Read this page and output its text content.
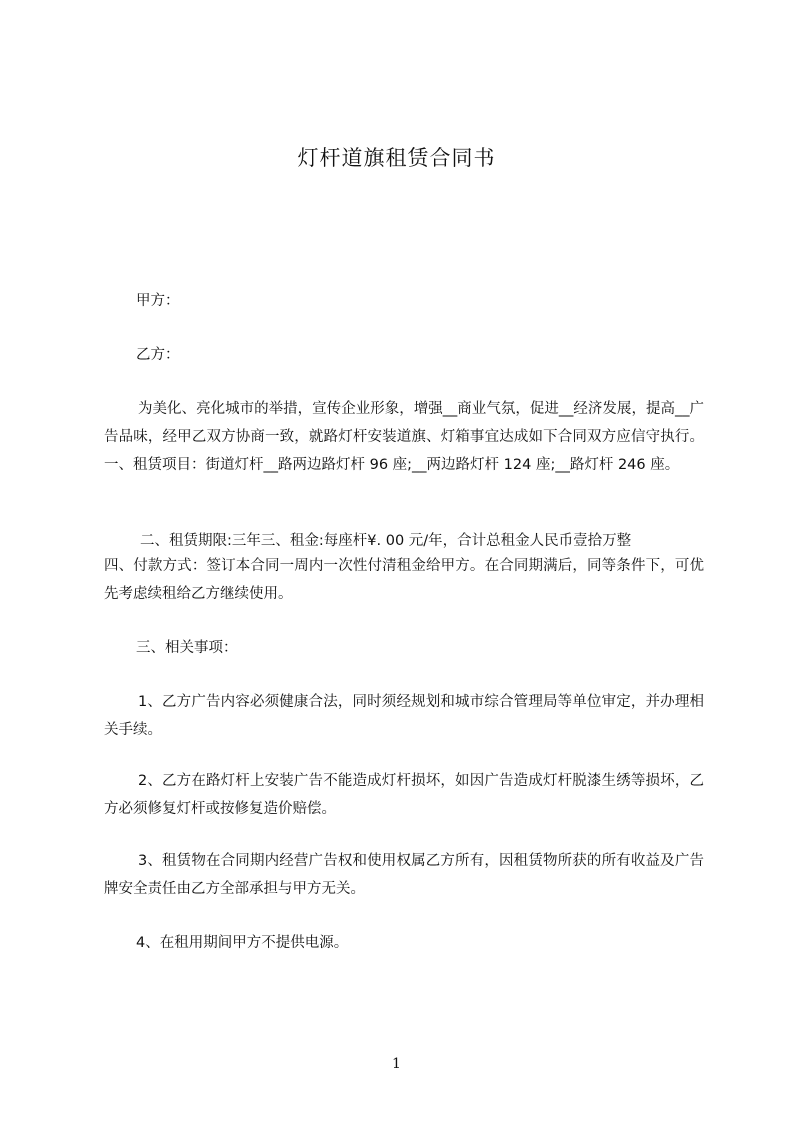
灯杆道旗租赁合同书
甲方：
乙方：
为美化、亮化城市的举措，宣传企业形象，增强__商业气氛，促进__经济发展，提高__广告品味，经甲乙双方协商一致，就路灯杆安装道旗、灯箱事宜达成如下合同双方应信守执行。一、租赁项目：街道灯杆__路两边路灯杆 96 座;__两边路灯杆 124 座;__路灯杆 246 座。
二、租赁期限:三年三、租金:每座杆¥. 00 元/年，合计总租金人民币壹拾万整
四、付款方式：签订本合同一周内一次性付清租金给甲方。在合同期满后，同等条件下，可优先考虑续租给乙方继续使用。
三、相关事项：
1、乙方广告内容必须健康合法，同时须经规划和城市综合管理局等单位审定，并办理相关手续。
2、乙方在路灯杆上安装广告不能造成灯杆损坏，如因广告造成灯杆脱漆生绣等损坏，乙方必须修复灯杆或按修复造价赔偿。
3、租赁物在合同期内经营广告权和使用权属乙方所有，因租赁物所获的所有收益及广告牌安全责任由乙方全部承担与甲方无关。
4、在租用期间甲方不提供电源。
1
